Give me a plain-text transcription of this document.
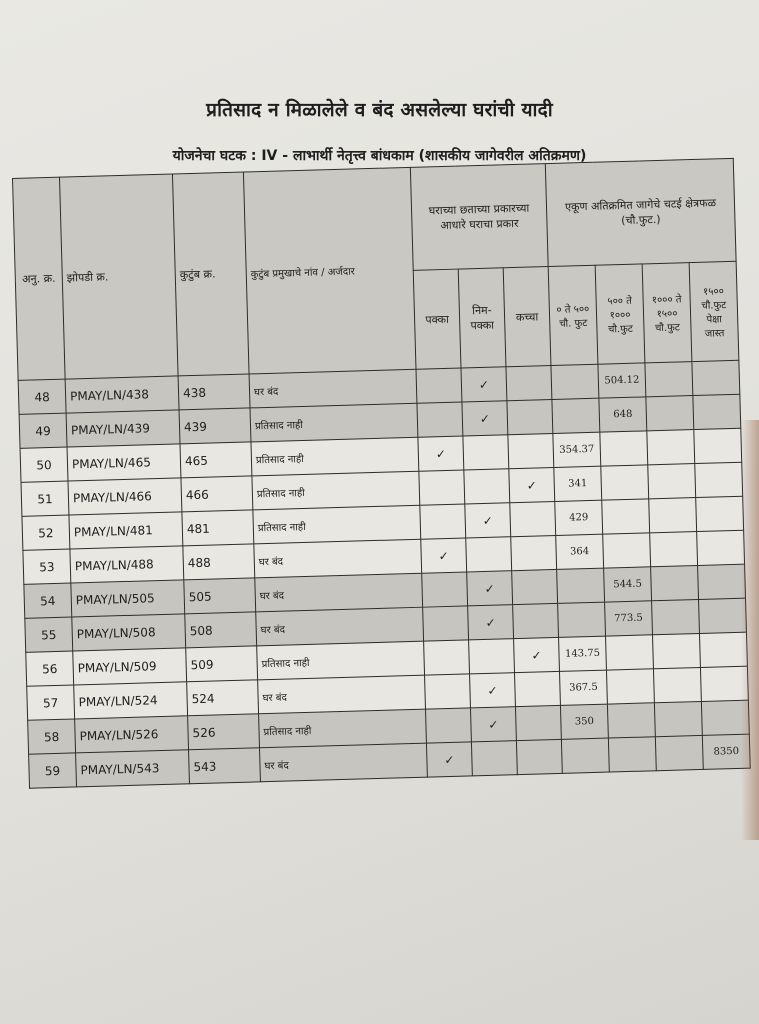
प्रतिसाद न मिळालेले व बंद असलेल्या घरांची यादी
योजनेचा घटक : IV - लाभार्थी नेतृत्त्व बांधकाम (शासकीय जागेवरील अतिक्रमण)
अनु. क्र.	झोपडी क्र.	कुटुंब क्र.	कुटुंब प्रमुखाचे नांव / अर्जदार	घराच्या छताच्या प्रकारच्या आधारे घराचा प्रकार			एकूण अतिक्रमित जागेचे चटई क्षेत्रफळ (चौ.फुट.)			
				पक्का	निम-पक्का	कच्चा	० ते ५०० चौ. फुट	५०० ते १००० चौ.फुट	१००० ते १५०० चौ.फुट	१५०० चौ.फुट पेक्षा जास्त
48	PMAY/LN/438	438	घर बंद		✓			504.12		
49	PMAY/LN/439	439	प्रतिसाद नाही		✓			648		
50	PMAY/LN/465	465	प्रतिसाद नाही	✓			354.37			
51	PMAY/LN/466	466	प्रतिसाद नाही			✓	341			
52	PMAY/LN/481	481	प्रतिसाद नाही		✓		429			
53	PMAY/LN/488	488	घर बंद	✓			364			
54	PMAY/LN/505	505	घर बंद		✓			544.5		
55	PMAY/LN/508	508	घर बंद		✓			773.5		
56	PMAY/LN/509	509	प्रतिसाद नाही			✓	143.75			
57	PMAY/LN/524	524	घर बंद		✓		367.5			
58	PMAY/LN/526	526	प्रतिसाद नाही		✓		350			
59	PMAY/LN/543	543	घर बंद	✓						8350
